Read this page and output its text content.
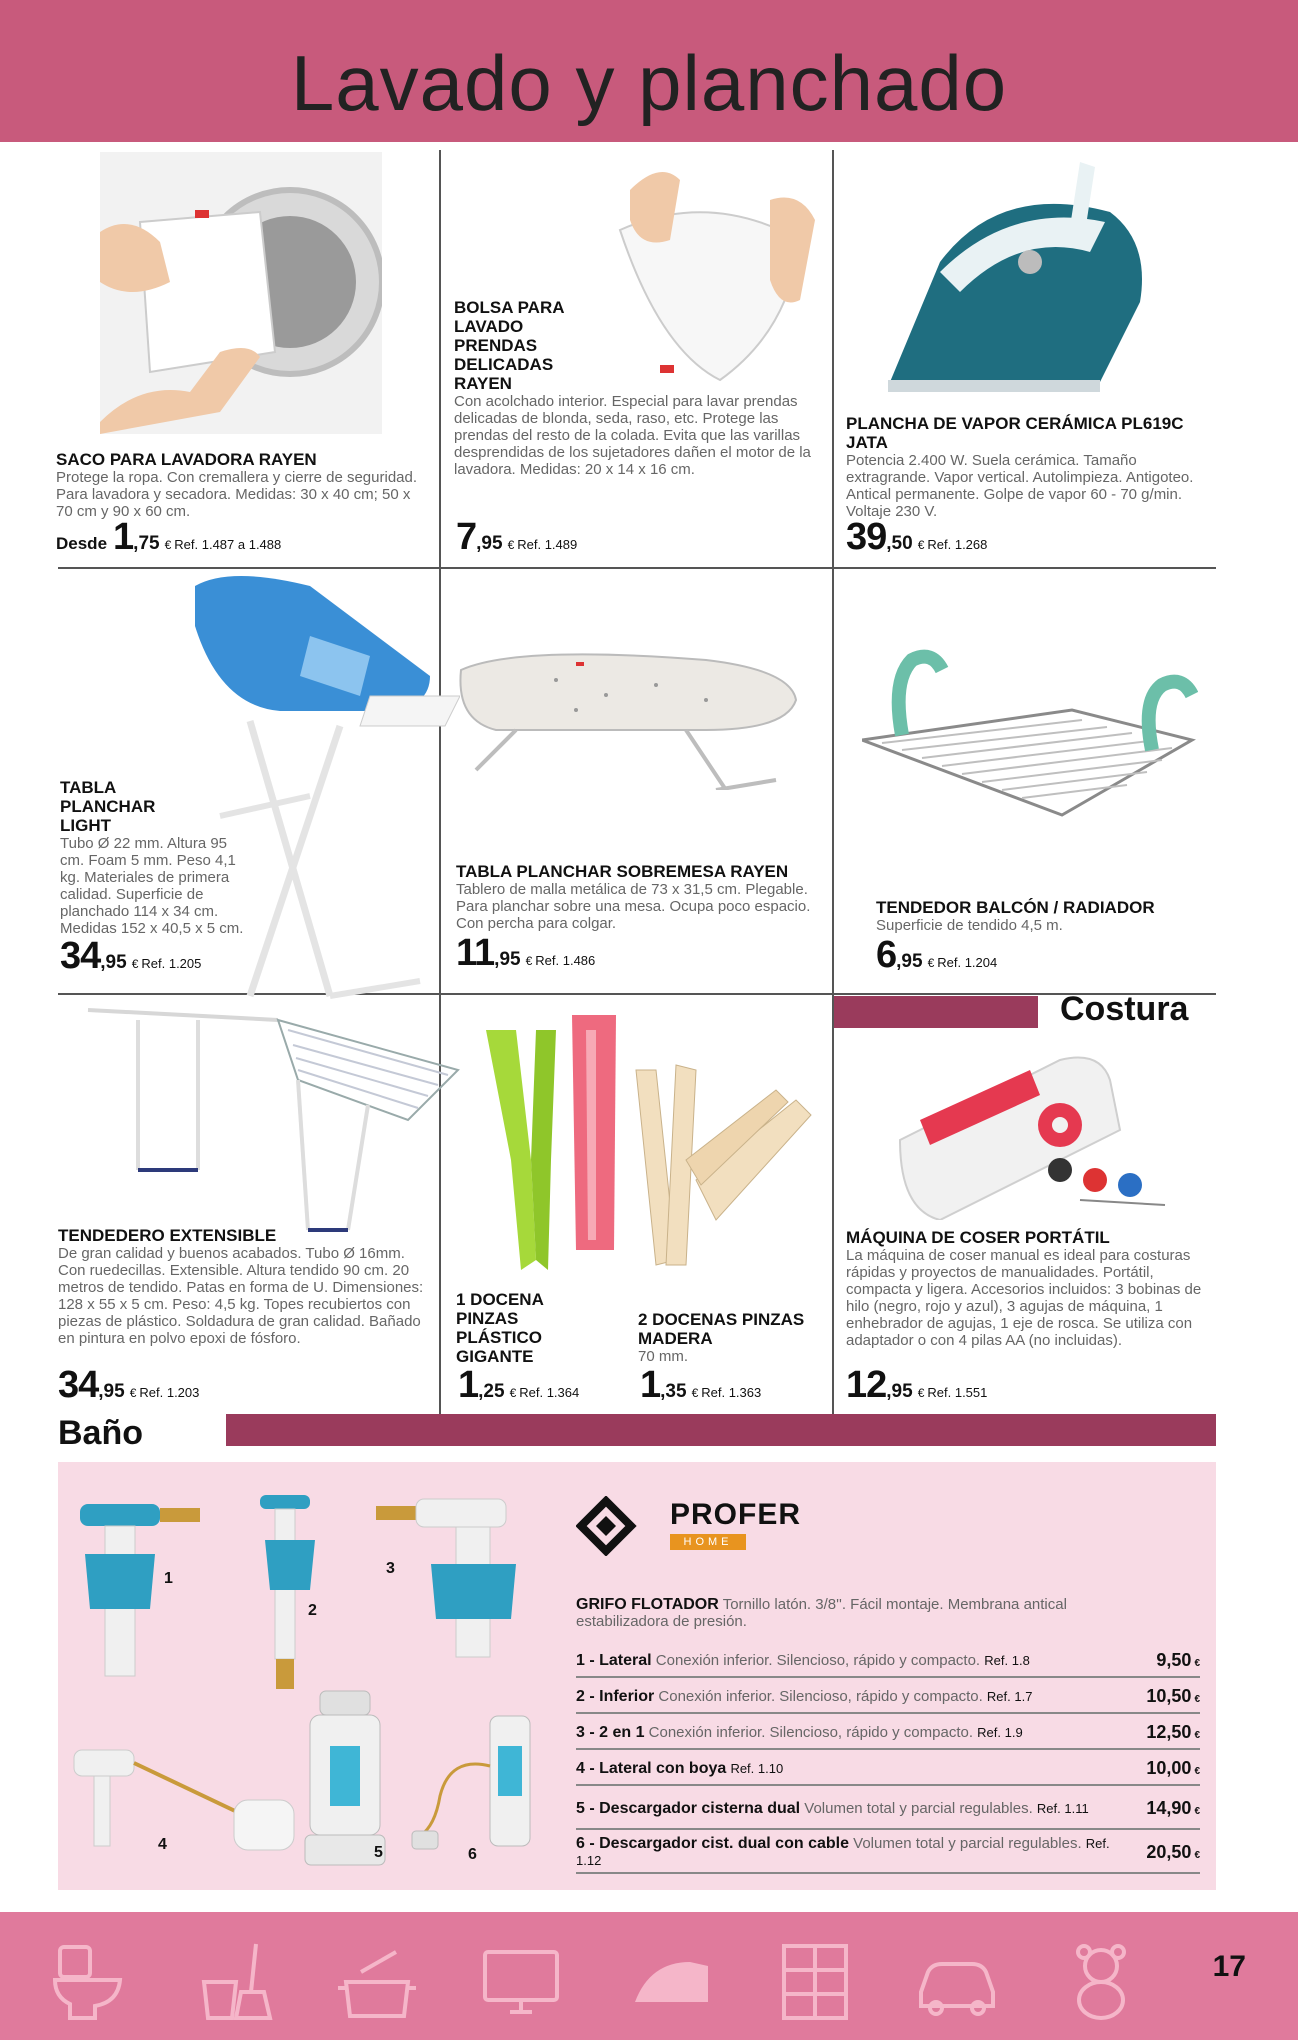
Lavado y planchado
SACO PARA LAVADORA RAYEN
Protege la ropa. Con cremallera y cierre de seguridad. Para lavadora y secadora. Medidas: 30 x 40 cm; 50 x 70 cm y 90 x 60 cm.
Desde 1 ,75 € Ref. 1.487 a 1.488
BOLSA PARA LAVADO PRENDAS DELICADAS RAYEN
Con acolchado interior. Especial para lavar prendas delicadas de blonda, seda, raso, etc. Protege las prendas del resto de la colada. Evita que las varillas desprendidas de los sujetadores dañen el motor de la lavadora. Medidas: 20 x 14 x 16 cm.
7 ,95 € Ref. 1.489
PLANCHA DE VAPOR CERÁMICA PL619C JATA
Potencia 2.400 W. Suela cerámica. Tamaño extragrande. Vapor vertical. Autolimpieza. Antigoteo. Antical permanente. Golpe de vapor 60 - 70 g/min. Voltaje 230 V.
39 ,50 € Ref. 1.268
TABLA PLANCHAR LIGHT
Tubo Ø 22 mm. Altura 95 cm. Foam 5 mm. Peso 4,1 kg. Materiales de primera calidad. Superficie de planchado 114 x 34 cm. Medidas 152 x 40,5 x 5 cm.
34 ,95 € Ref. 1.205
TABLA PLANCHAR SOBREMESA RAYEN
Tablero de malla metálica de 73 x 31,5 cm. Plegable. Para planchar sobre una mesa. Ocupa poco espacio. Con percha para colgar.
11 ,95 € Ref. 1.486
TENDEDOR BALCÓN / RADIADOR
Superficie de tendido 4,5 m.
6 ,95 € Ref. 1.204
TENDEDERO EXTENSIBLE
De gran calidad y buenos acabados. Tubo Ø 16mm. Con ruedecillas. Extensible. Altura tendido 90 cm. 20 metros de tendido. Patas en forma de U. Dimensiones: 128 x 55 x 5 cm. Peso: 4,5 kg. Topes recubiertos con piezas de plástico. Soldadura de gran calidad. Bañado en pintura en polvo epoxi de fósforo.
34 ,95 € Ref. 1.203
1 DOCENA PINZAS PLÁSTICO GIGANTE
1 ,25 € Ref. 1.364
2 DOCENAS PINZAS MADERA
70 mm.
1 ,35 € Ref. 1.363
Costura
MÁQUINA DE COSER PORTÁTIL
La máquina de coser manual es ideal para costuras rápidas y proyectos de manualidades. Portátil, compacta y ligera. Accesorios incluidos: 3 bobinas de hilo (negro, rojo y azul), 3 agujas de máquina, 1 enhebrador de agujas, 1 eje de rosca. Se utiliza con adaptador o con 4 pilas AA (no incluidas).
12 ,95 € Ref. 1.551
Baño
1
2
3
4	5	6
PROFER
HOME
GRIFO FLOTADOR Tornillo latón. 3/8''. Fácil montaje. Membrana antical estabilizadora de presión.
1 - Lateral Conexión inferior. Silencioso, rápido y compacto. Ref. 1.8	9,50 €
2 - Inferior Conexión inferior. Silencioso, rápido y compacto. Ref. 1.7	10,50 €
3 - 2 en 1 Conexión inferior. Silencioso, rápido y compacto. Ref. 1.9	12,50 €
4 - Lateral con boya Ref. 1.10	10,00 €
5 - Descargador cisterna dual Volumen total y parcial regulables. Ref. 1.11	14,90 €
6 - Descargador cist. dual con cable Volumen total y parcial regulables. Ref. 1.12	20,50 €
17
